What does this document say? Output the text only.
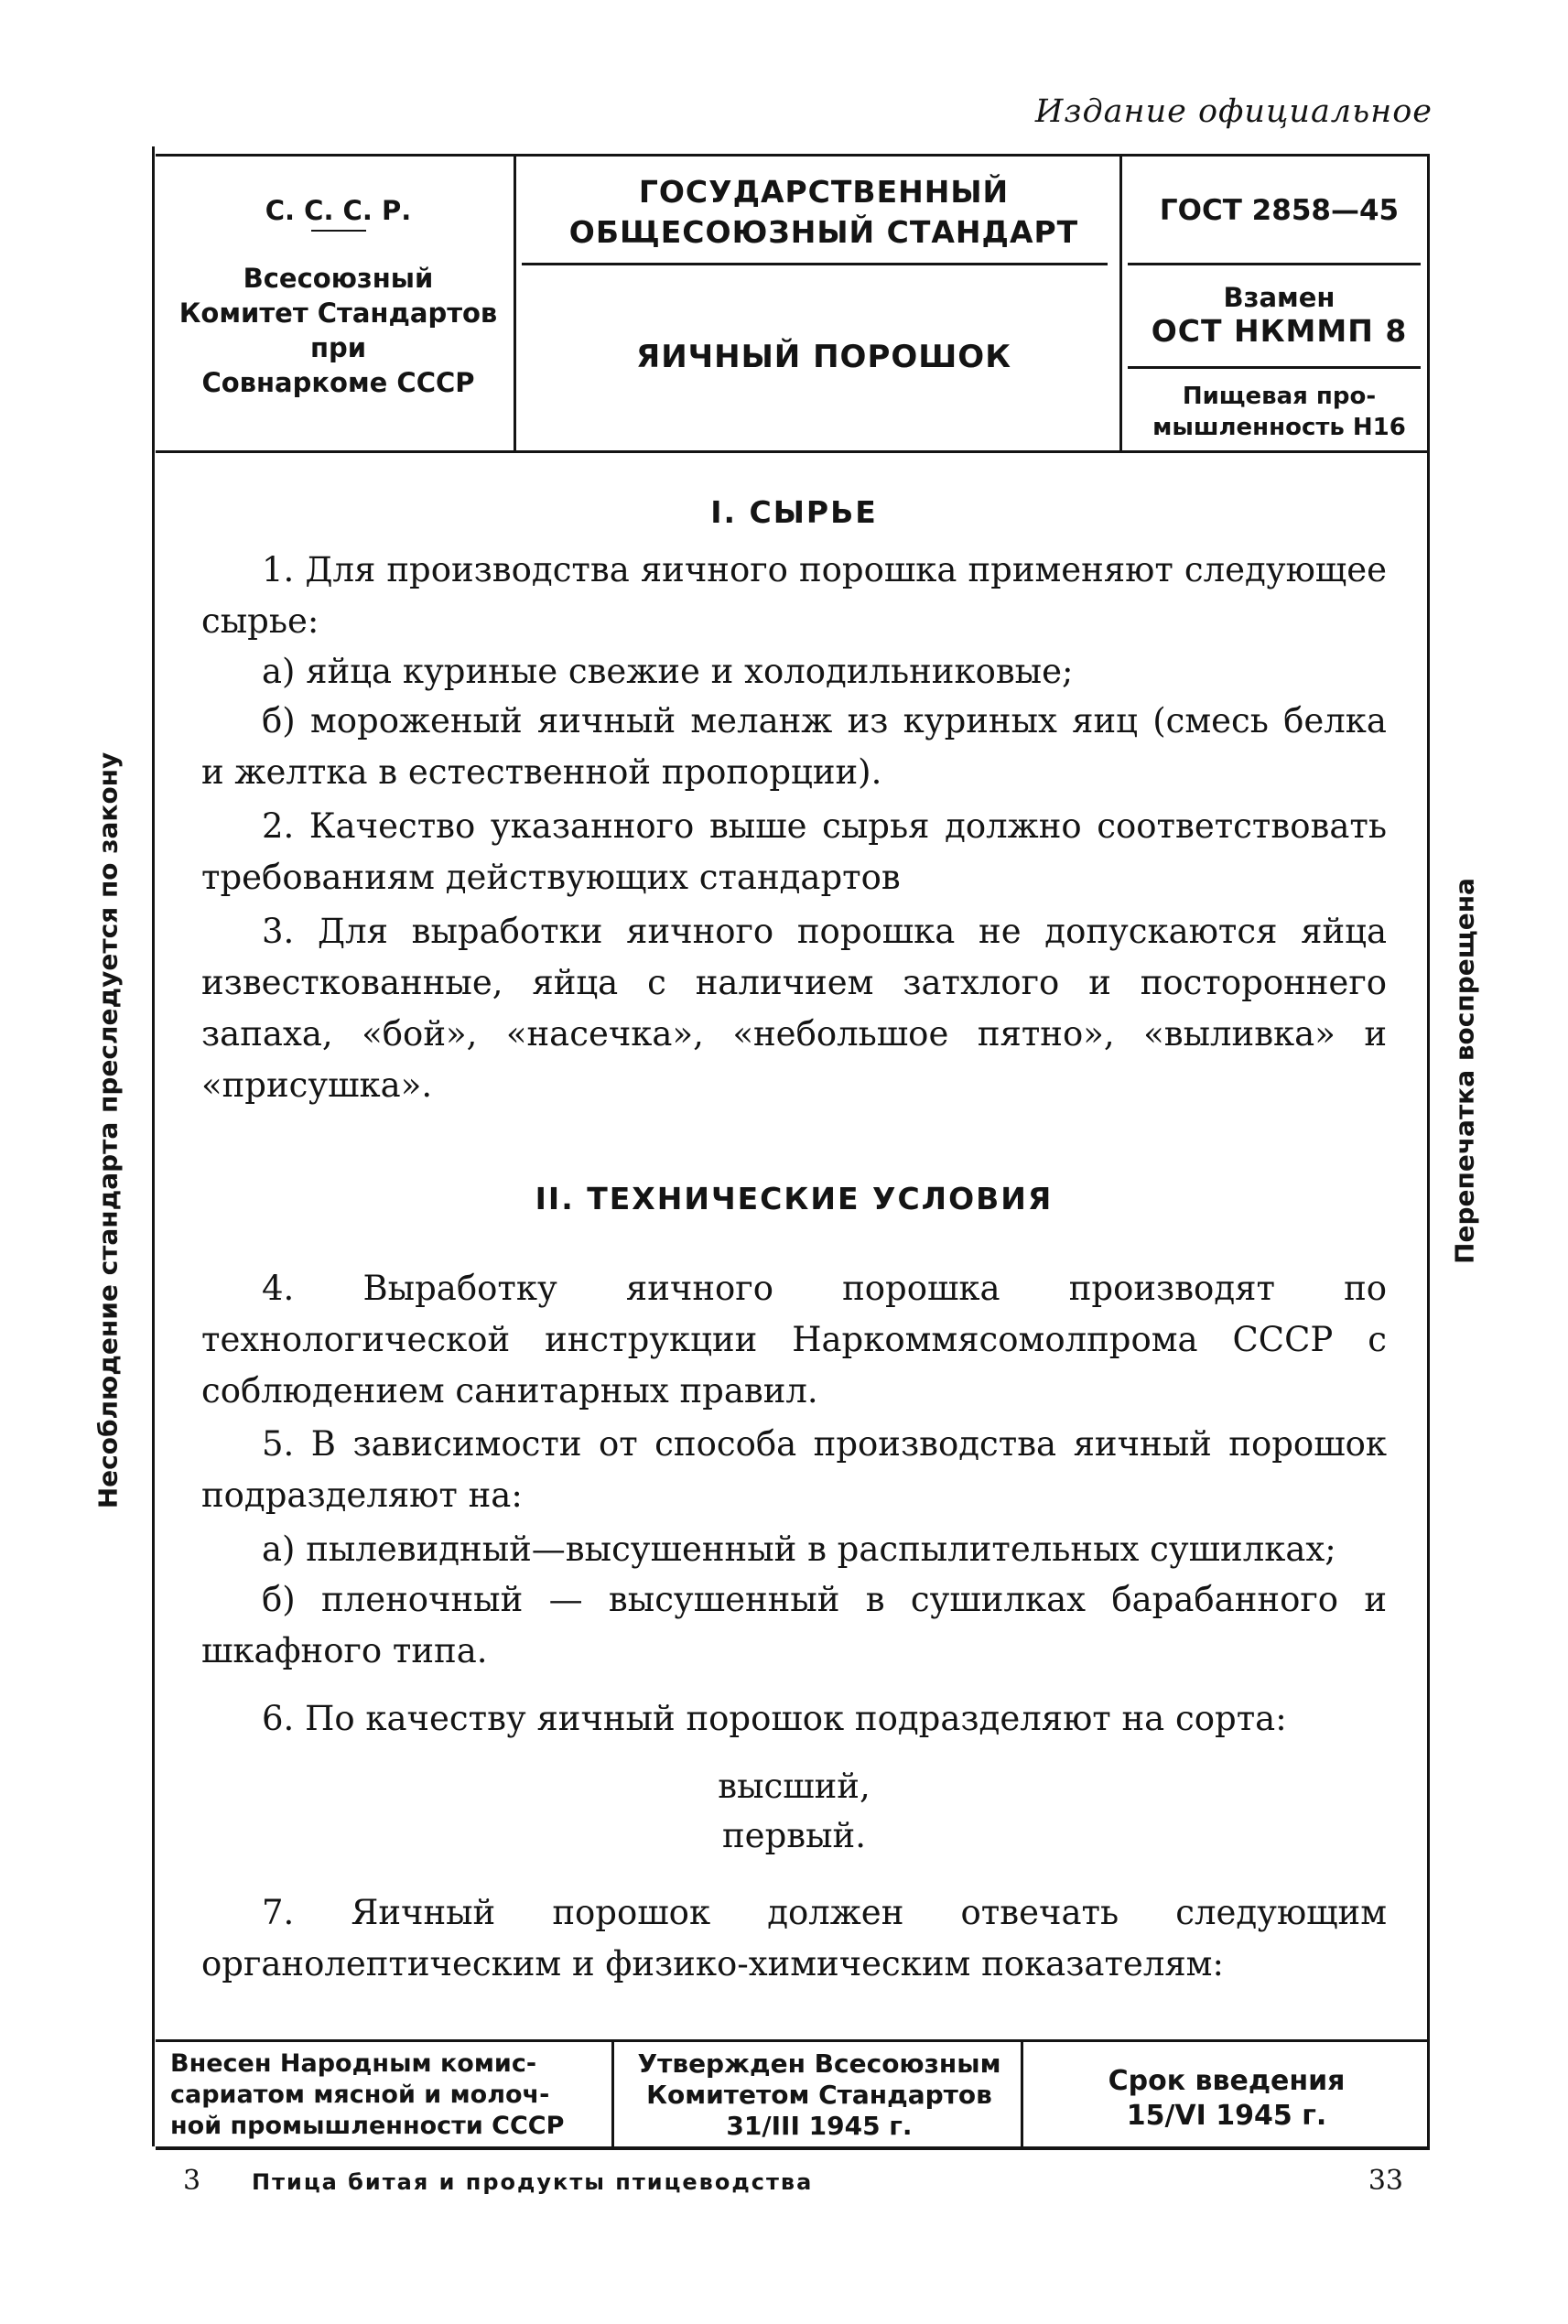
Издание официальное
С. С. С. Р.
Всесоюзный
Комитет Стандартов
при
Совнаркоме СССР
ГОСУДАРСТВЕННЫЙ
ОБЩЕСОЮЗНЫЙ СТАНДАРТ
ЯИЧНЫЙ ПОРОШОК
ГОСТ 2858—45
Взамен
ОСТ НКММП 8
Пищевая про-
мышленность Н16
Несоблюдение стандарта преследуется по закону	Перепечатка воспрещена
I. СЫРЬЕ

1. Для производства яичного порошка применяют следующее сырье:

а) яйца куриные свежие и холодильниковые;

б) мороженый яичный меланж из куриных яиц (смесь белка и желтка в естественной пропорции).

2. Качество указанного выше сырья должно соответствовать требованиям действующих стандартов

3. Для выработки яичного порошка не допускаются яйца известкованные, яйца с наличием затхлого и постороннего запаха, «бой», «насечка», «небольшое пятно», «выливка» и «присушка».

II. ТЕХНИЧЕСКИЕ УСЛОВИЯ

4. Выработку яичного порошка производят по технологической инструкции Наркоммясомолпрома СССР с соблюдением санитарных правил.

5. В зависимости от способа производства яичный порошок подразделяют на:

а) пылевидный—высушенный в распылительных сушилках;

б) пленочный — высушенный в сушилках барабанного и шкафного типа.

6. По качеству яичный порошок подразделяют на сорта:

высший,
первый.

7. Яичный порошок должен отвечать следующим органолептическим и физико-химическим показателям:

Внесен Народным комис-
сариатом мясной и молоч-
ной промышленности СССР
Утвержден Всесоюзным
Комитетом Стандартов
31/III 1945 г.
Срок введения
15/VI 1945 г.
3 Птица битая и продукты птицеводства	33
